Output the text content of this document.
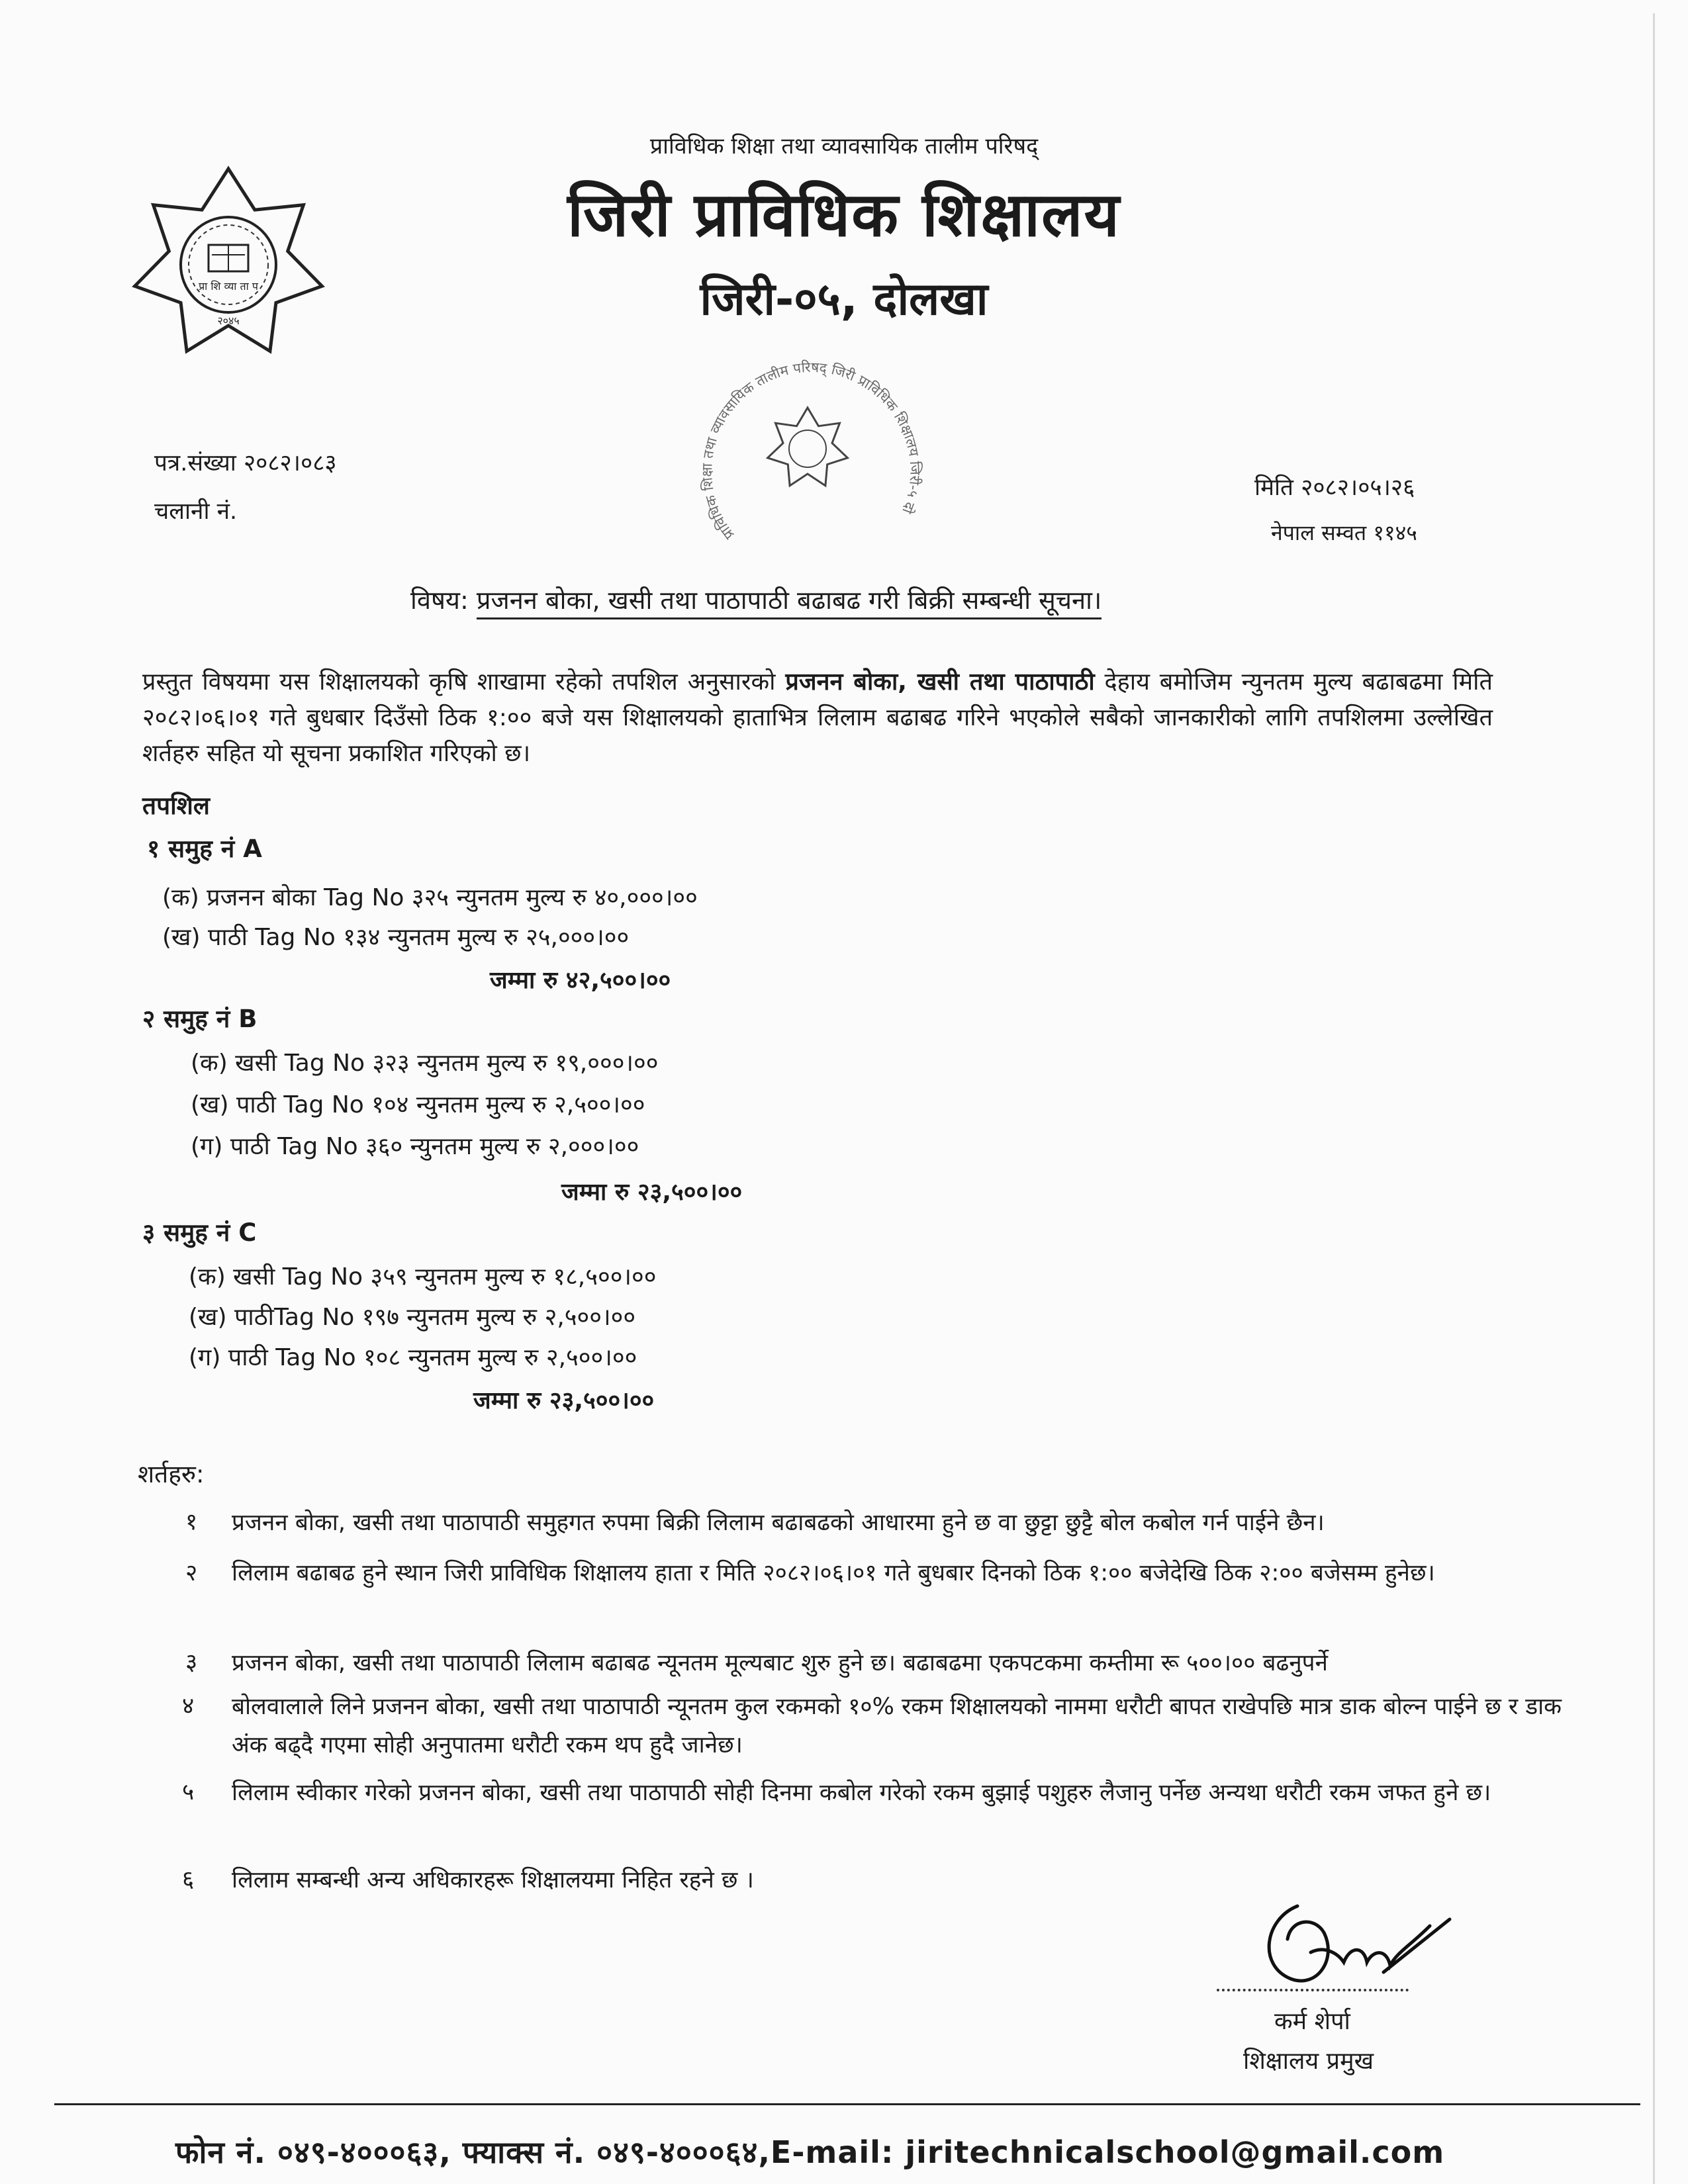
प्रा शि व्या ता प
२०४५
प्राविधिक शिक्षा तथा व्यावसायिक तालीम परिषद्
जिरी प्राविधिक शिक्षालय
जिरी-०५, दोलखा
प्राविधिक शिक्षा तथा व्यावसायिक तालीम परिषद् जिरी प्राविधिक शिक्षालय जिरी-५ दो
पत्र.संख्या २०८२।०८३
चलानी नं.
मिति २०८२।०५।२६
नेपाल सम्वत ११४५
विषय: प्रजनन बोका, खसी तथा पाठापाठी बढाबढ गरी बिक्री सम्बन्धी सूचना।
प्रस्तुत विषयमा यस शिक्षालयको कृषि शाखामा रहेको तपशिल अनुसारको प्रजनन बोका, खसी तथा पाठापाठी देहाय बमोजिम न्युनतम मुल्य बढाबढमा मिति २०८२।०६।०१ गते बुधबार दिउँसो ठिक १:०० बजे यस शिक्षालयको हाताभित्र लिलाम बढाबढ गरिने भएकोले सबैको जानकारीको लागि तपशिलमा उल्लेखित शर्तहरु सहित यो सूचना प्रकाशित गरिएको छ।
तपशिल
१ समुह नं A
(क) प्रजनन बोका Tag No ३२५ न्युनतम मुल्य रु ४०,०००।००
(ख) पाठी Tag No १३४ न्युनतम मुल्य रु २५,०००।००
जम्मा रु ४२,५००।००
२ समुह नं B
(क) खसी Tag No ३२३ न्युनतम मुल्य रु १९,०००।००
(ख) पाठी Tag No १०४ न्युनतम मुल्य रु २,५००।००
(ग) पाठी Tag No ३६० न्युनतम मुल्य रु २,०००।००
जम्मा रु २३,५००।००
३ समुह नं C
(क) खसी Tag No ३५९ न्युनतम मुल्य रु १८,५००।००
(ख) पाठीTag No १९७ न्युनतम मुल्य रु २,५००।००
(ग) पाठी Tag No १०८ न्युनतम मुल्य रु २,५००।००
जम्मा रु २३,५००।००
शर्तहरु:
१ प्रजनन बोका, खसी तथा पाठापाठी समुहगत रुपमा बिक्री लिलाम बढाबढको आधारमा हुने छ वा छुट्टा छुट्टै बोल कबोल गर्न पाईने छैन।
२ लिलाम बढाबढ हुने स्थान जिरी प्राविधिक शिक्षालय हाता र मिति २०८२।०६।०१ गते बुधबार दिनको ठिक १:०० बजेदेखि ठिक २:०० बजेसम्म हुनेछ।
३ प्रजनन बोका, खसी तथा पाठापाठी लिलाम बढाबढ न्यूनतम मूल्यबाट शुरु हुने छ। बढाबढमा एकपटकमा कम्तीमा रू ५००।०० बढनुपर्ने
४ बोलवालाले लिने प्रजनन बोका, खसी तथा पाठापाठी न्यूनतम कुल रकमको १०% रकम शिक्षालयको नाममा धरौटी बापत राखेपछि मात्र डाक बोल्न पाईने छ र डाक अंक बढ्दै गएमा सोही अनुपातमा धरौटी रकम थप हुदै जानेछ।
५ लिलाम स्वीकार गरेको प्रजनन बोका, खसी तथा पाठापाठी सोही दिनमा कबोल गरेको रकम बुझाई पशुहरु लैजानु पर्नेछ अन्यथा धरौटी रकम जफत हुने छ।
६ लिलाम सम्बन्धी अन्य अधिकारहरू शिक्षालयमा निहित रहने छ ।
कर्म शेर्पा
शिक्षालय प्रमुख
फोन नं. ०४९-४०००६३, फ्याक्स नं. ०४९-४०००६४,E-mail: jiritechnicalschool@gmail.com
